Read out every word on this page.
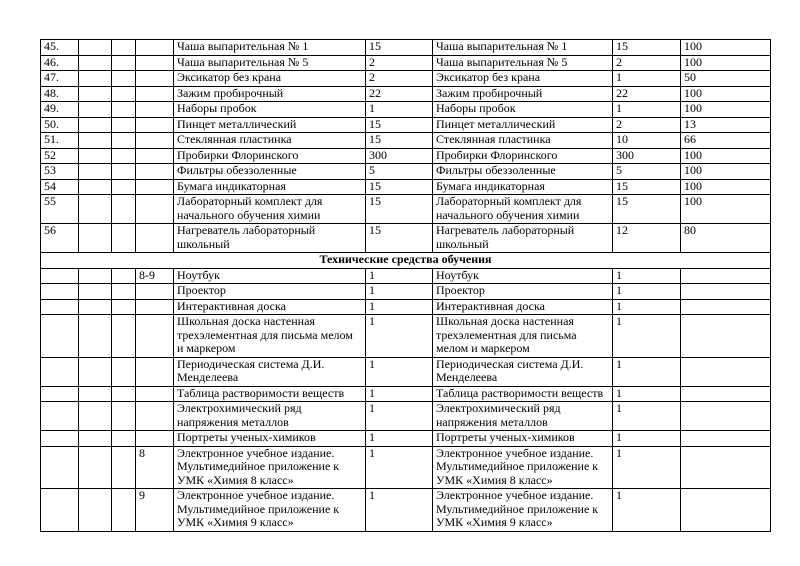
45.				Чаша выпарительная № 1	15	Чаша выпарительная № 1	15	100
46.				Чаша выпарительная № 5	2	Чаша выпарительная № 5	2	100
47.				Эксикатор без крана	2	Эксикатор без крана	1	50
48.				Зажим пробирочный	22	Зажим пробирочный	22	100
49.				Наборы пробок	1	Наборы пробок	1	100
50.				Пинцет металлический	15	Пинцет металлический	2	13
51.				Стеклянная пластинка	15	Стеклянная пластинка	10	66
52				Пробирки Флоринского	300	Пробирки Флоринского	300	100
53				Фильтры обеззоленные	5	Фильтры обеззоленные	5	100
54				Бумага индикаторная	15	Бумага индикаторная	15	100
55				Лабораторный комплект для начального обучения химии	15	Лабораторный комплект для начального обучения химии	15	100
56				Нагреватель лабораторный школьный	15	Нагреватель лабораторный школьный	12	80
Технические средства обучения								
			8-9	Ноутбук	1	Ноутбук	1	
				Проектор	1	Проектор	1	
				Интерактивная доска	1	Интерактивная доска	1	
				Школьная доска настенная трехэлементная для письма мелом и маркером	1	Школьная доска настенная трехэлементная для письма мелом и маркером	1	
				Периодическая система Д.И. Менделеева	1	Периодическая система Д.И. Менделеева	1	
				Таблица растворимости веществ	1	Таблица растворимости веществ	1	
				Электрохимический ряд напряжения металлов	1	Электрохимический ряд напряжения металлов	1	
				Портреты ученых-химиков	1	Портреты ученых-химиков	1	
			8	Электронное учебное издание. Мультимедийное приложение к УМК «Химия 8 класс»	1	Электронное учебное издание. Мультимедийное приложение к УМК «Химия 8 класс»	1	
			9	Электронное учебное издание. Мультимедийное приложение к УМК «Химия 9 класс»	1	Электронное учебное издание. Мультимедийное приложение к УМК «Химия 9 класс»	1	
